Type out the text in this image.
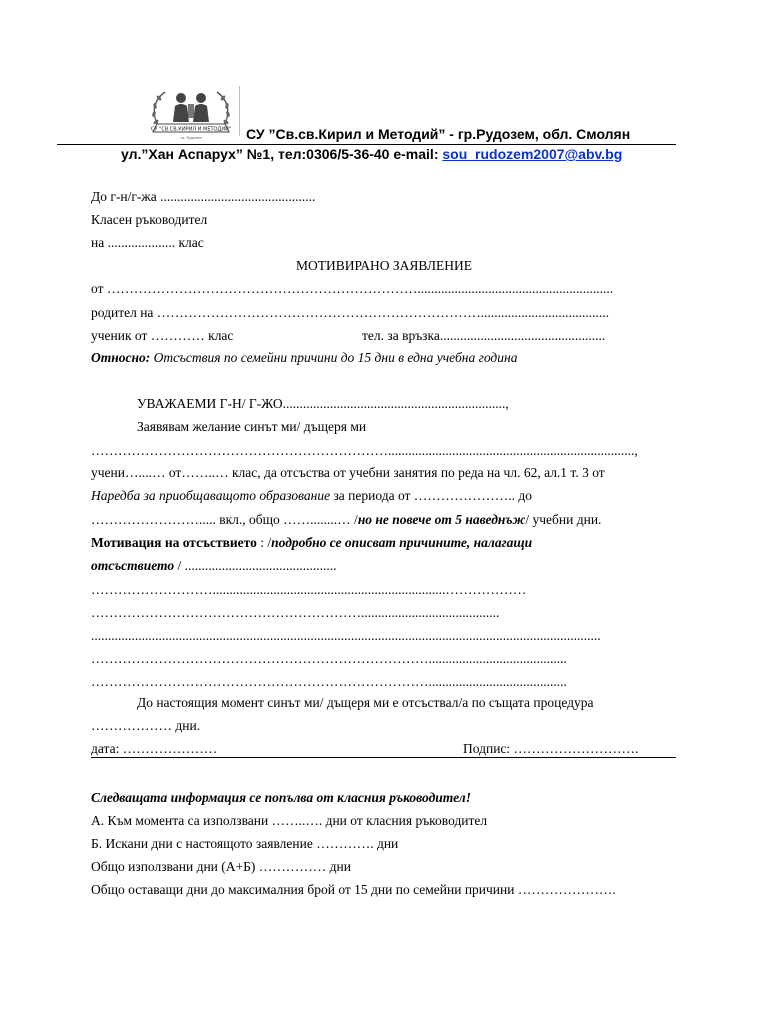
СУ "СВ.СВ.КИРИЛ И МЕТОДИЙ"
гр. Рудозем	СУ ”Св.св.Кирил и Методий” - гр.Рудозем, обл. Смолян
ул.”Хан Аспарух” №1, тел:0306/5-36-40 e-mail: sou_rudozem2007@abv.bg
До г-н/г-жа ..............................................
Класен ръководител
на .................... клас
МОТИВИРАНО ЗАЯВЛЕНИЕ
от ……………………………………………………………..........................................................
родител на ………………………………………………………………......................................
ученик от ………… клас	тел. за връзка.................................................
Относно: Отсъствия по семейни причини до 15 дни в една учебна година
УВАЖАЕМИ Г-Н/ Г-ЖО..................................................................,
Заявявам желание синът ми/ дъщеря ми
………………………………………………………….........................................................................,
учени…....… от……..… клас, да отсъства от учебни занятия по реда на чл. 62, ал.1 т. 3 от
Наредба за приобщаващото образование за периода от ………………….. до
……………………..... вкл., общо ……........… /но не повече от 5 наведнъж/ учебни дни.
Мотивация на отсъствието : /подробно се описват причините, налагащи
отсъствието / .............................................
……………………….....................................................................………………
…………………………………………………….........................................
.......................................................................................................................................................
………………………………………………………………….........................................
………………………………………………………………….........................................
До настоящия момент синът ми/ дъщеря ми е отсъствал/а по същата процедура
……………… дни.
дата: …………………	Подпис: ……………………….
Следващата информация се попълва от класния ръководител!
А. Към момента са използвани ……..…. дни от класния ръководител
Б. Искани дни с настоящото заявление …………. дни
Общо използвани дни (А+Б) …………… дни
Общо оставащи дни до максималния брой от 15 дни по семейни причини ………………….
